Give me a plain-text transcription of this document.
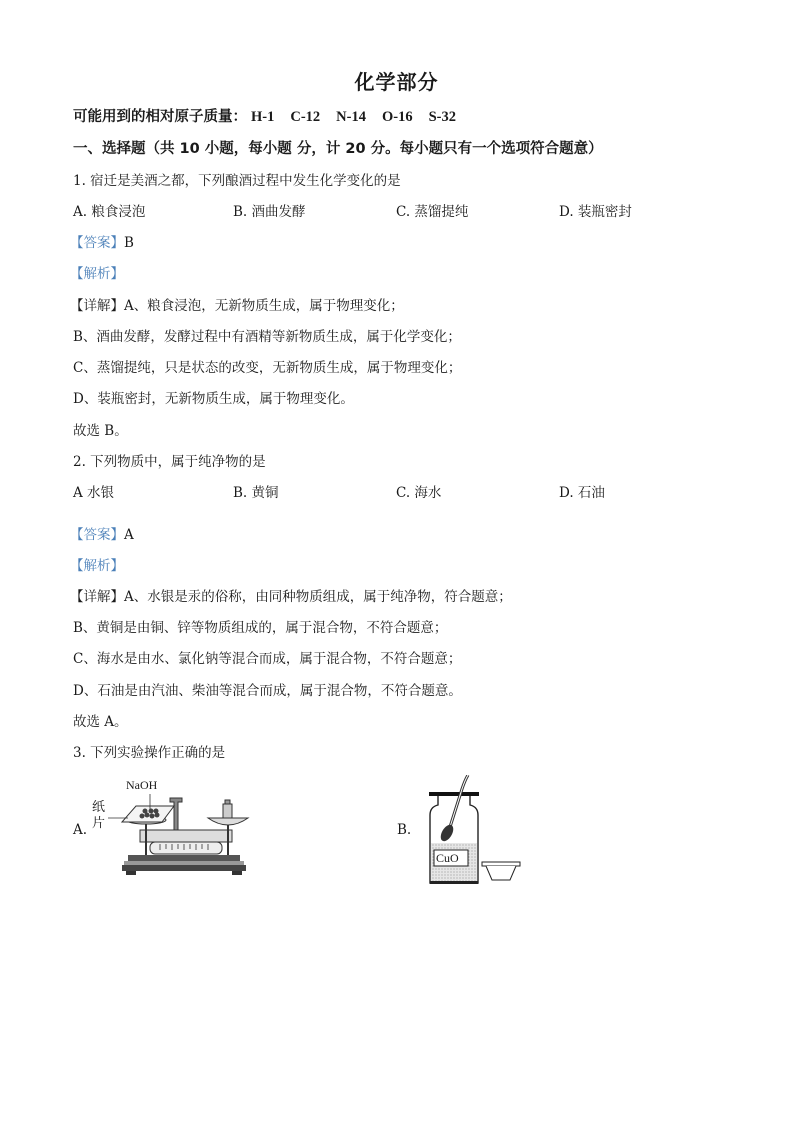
化学部分
可能用到的相对原子质量： H-1 C-12 N-14 O-16 S-32
一、选择题（共 10 小题，每小题 分，计 20 分。每小题只有一个选项符合题意）
1. 宿迁是美酒之都，下列酿酒过程中发生化学变化的是
A. 粮食浸泡	B. 酒曲发酵	C. 蒸馏提纯	D. 装瓶密封
【答案】B
【解析】
【详解】A、粮食浸泡，无新物质生成，属于物理变化；
B、酒曲发酵，发酵过程中有酒精等新物质生成，属于化学变化；
C、蒸馏提纯，只是状态的改变，无新物质生成，属于物理变化；
D、装瓶密封，无新物质生成，属于物理变化。
故选 B。
2. 下列物质中，属于纯净物的是
A 水银	B. 黄铜	C. 海水	D. 石油
【答案】A
【解析】
【详解】A、水银是汞的俗称，由同种物质组成，属于纯净物，符合题意；
B、黄铜是由铜、锌等物质组成的，属于混合物，不符合题意；
C、海水是由水、氯化钠等混合而成，属于混合物，不符合题意；
D、石油是由汽油、柴油等混合而成，属于混合物，不符合题意。
故选 A。
3. 下列实验操作正确的是
A.
NaOH
纸
片	B.
CuO
